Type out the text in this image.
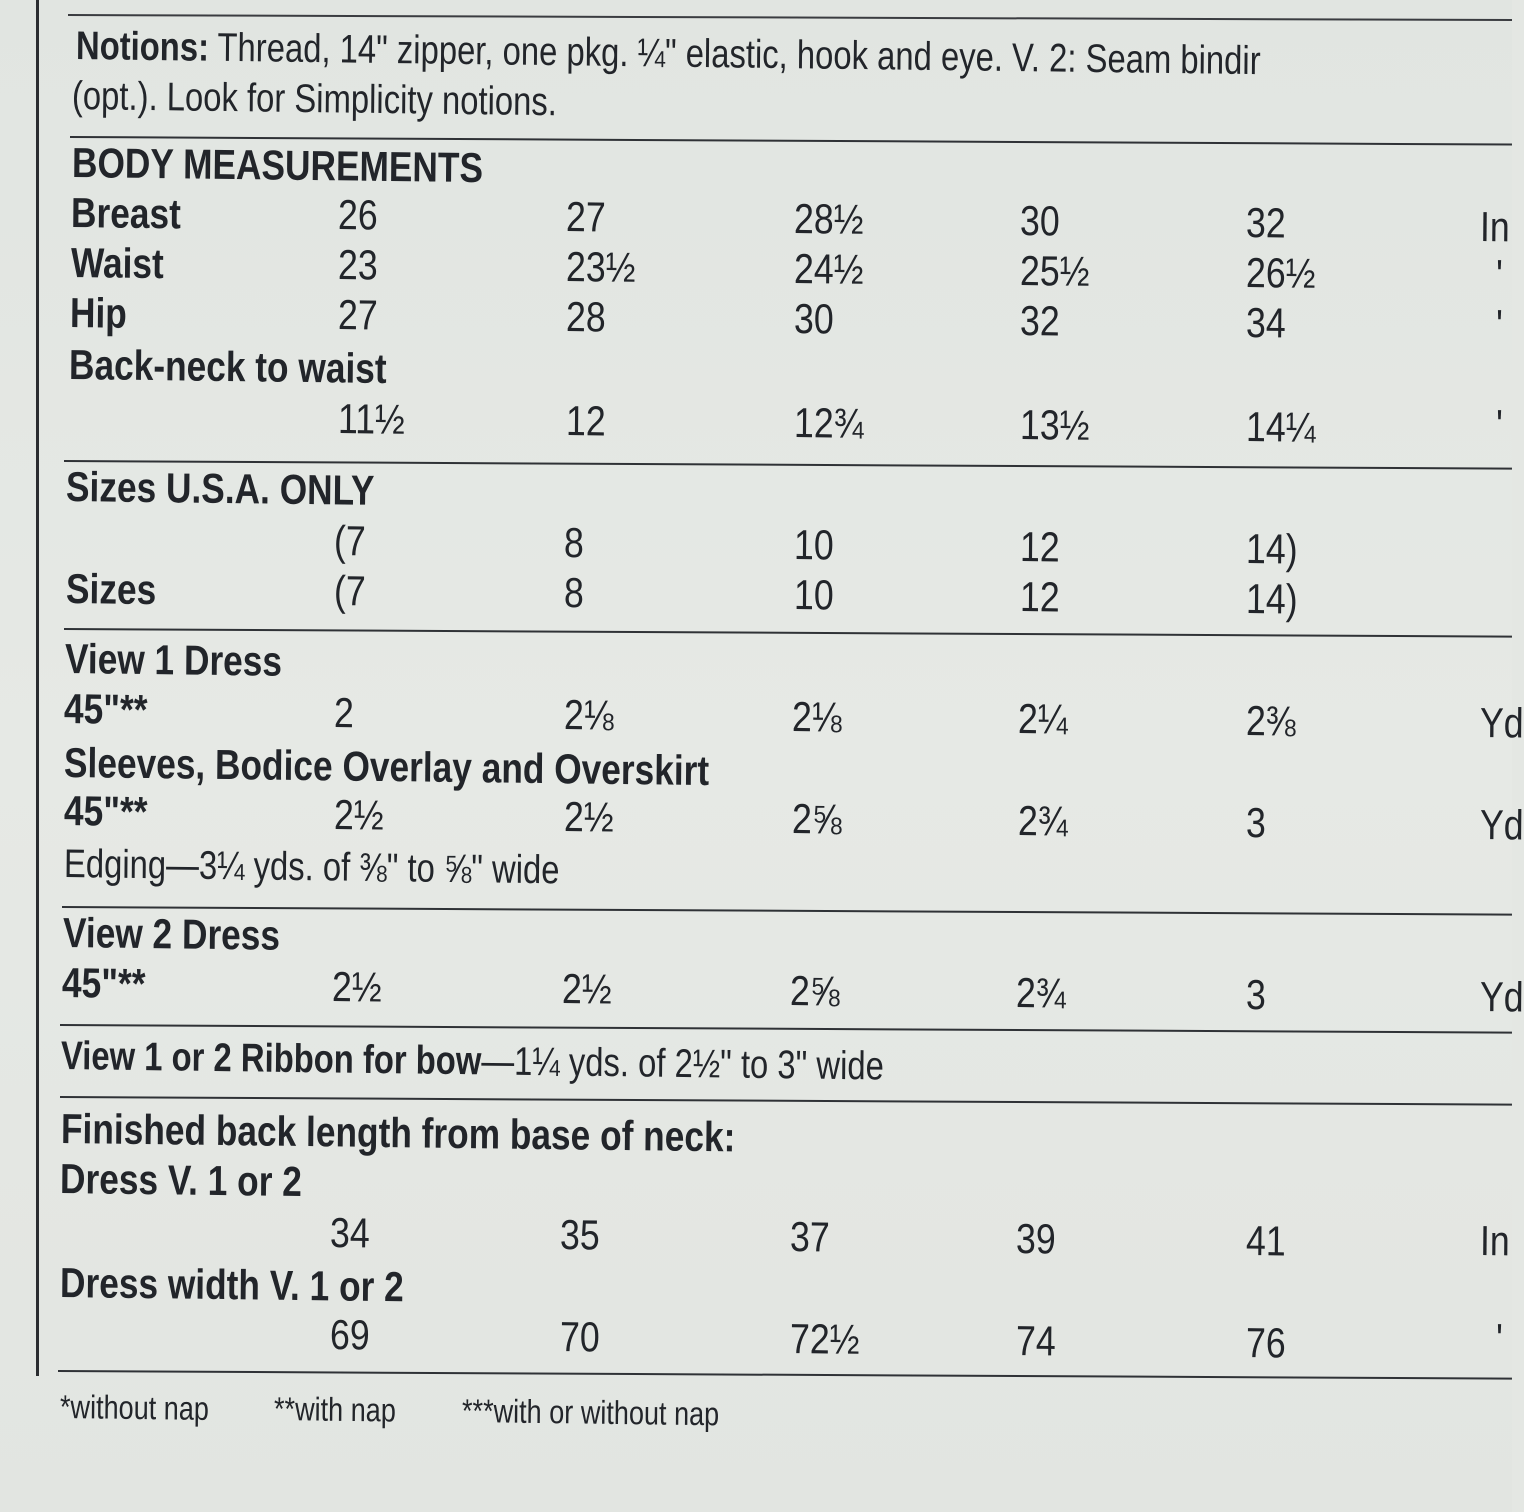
Notions: Thread, 14" zipper, one pkg. ¼" elastic, hook and eye. V. 2: Seam bindir
(opt.). Look for Simplicity notions.
BODY MEASUREMENTS
Breast	26	27	28½	30	32	In
Waist	23	23½	24½	25½	26½	'
Hip	27	28	30	32	34	'
Back-neck to waist
11½	12	12¾	13½	14¼	'
Sizes U.S.A. ONLY
(7	8	10	12	14)
Sizes	(7	8	10	12	14)
View 1 Dress
45"**	2	2⅛	2⅛	2¼	2⅜	Yd
Sleeves, Bodice Overlay and Overskirt
45"**	2½	2½	2⅝	2¾	3	Yd
Edging—3¼ yds. of ⅜" to ⅝" wide
View 2 Dress
45"**	2½	2½	2⅝	2¾	3	Yd
View 1 or 2 Ribbon for bow—1¼ yds. of 2½" to 3" wide
Finished back length from base of neck:
Dress V. 1 or 2
34	35	37	39	41	In
Dress width V. 1 or 2
69	70	72½	74	76	'
*without nap **with nap ***with or without nap
